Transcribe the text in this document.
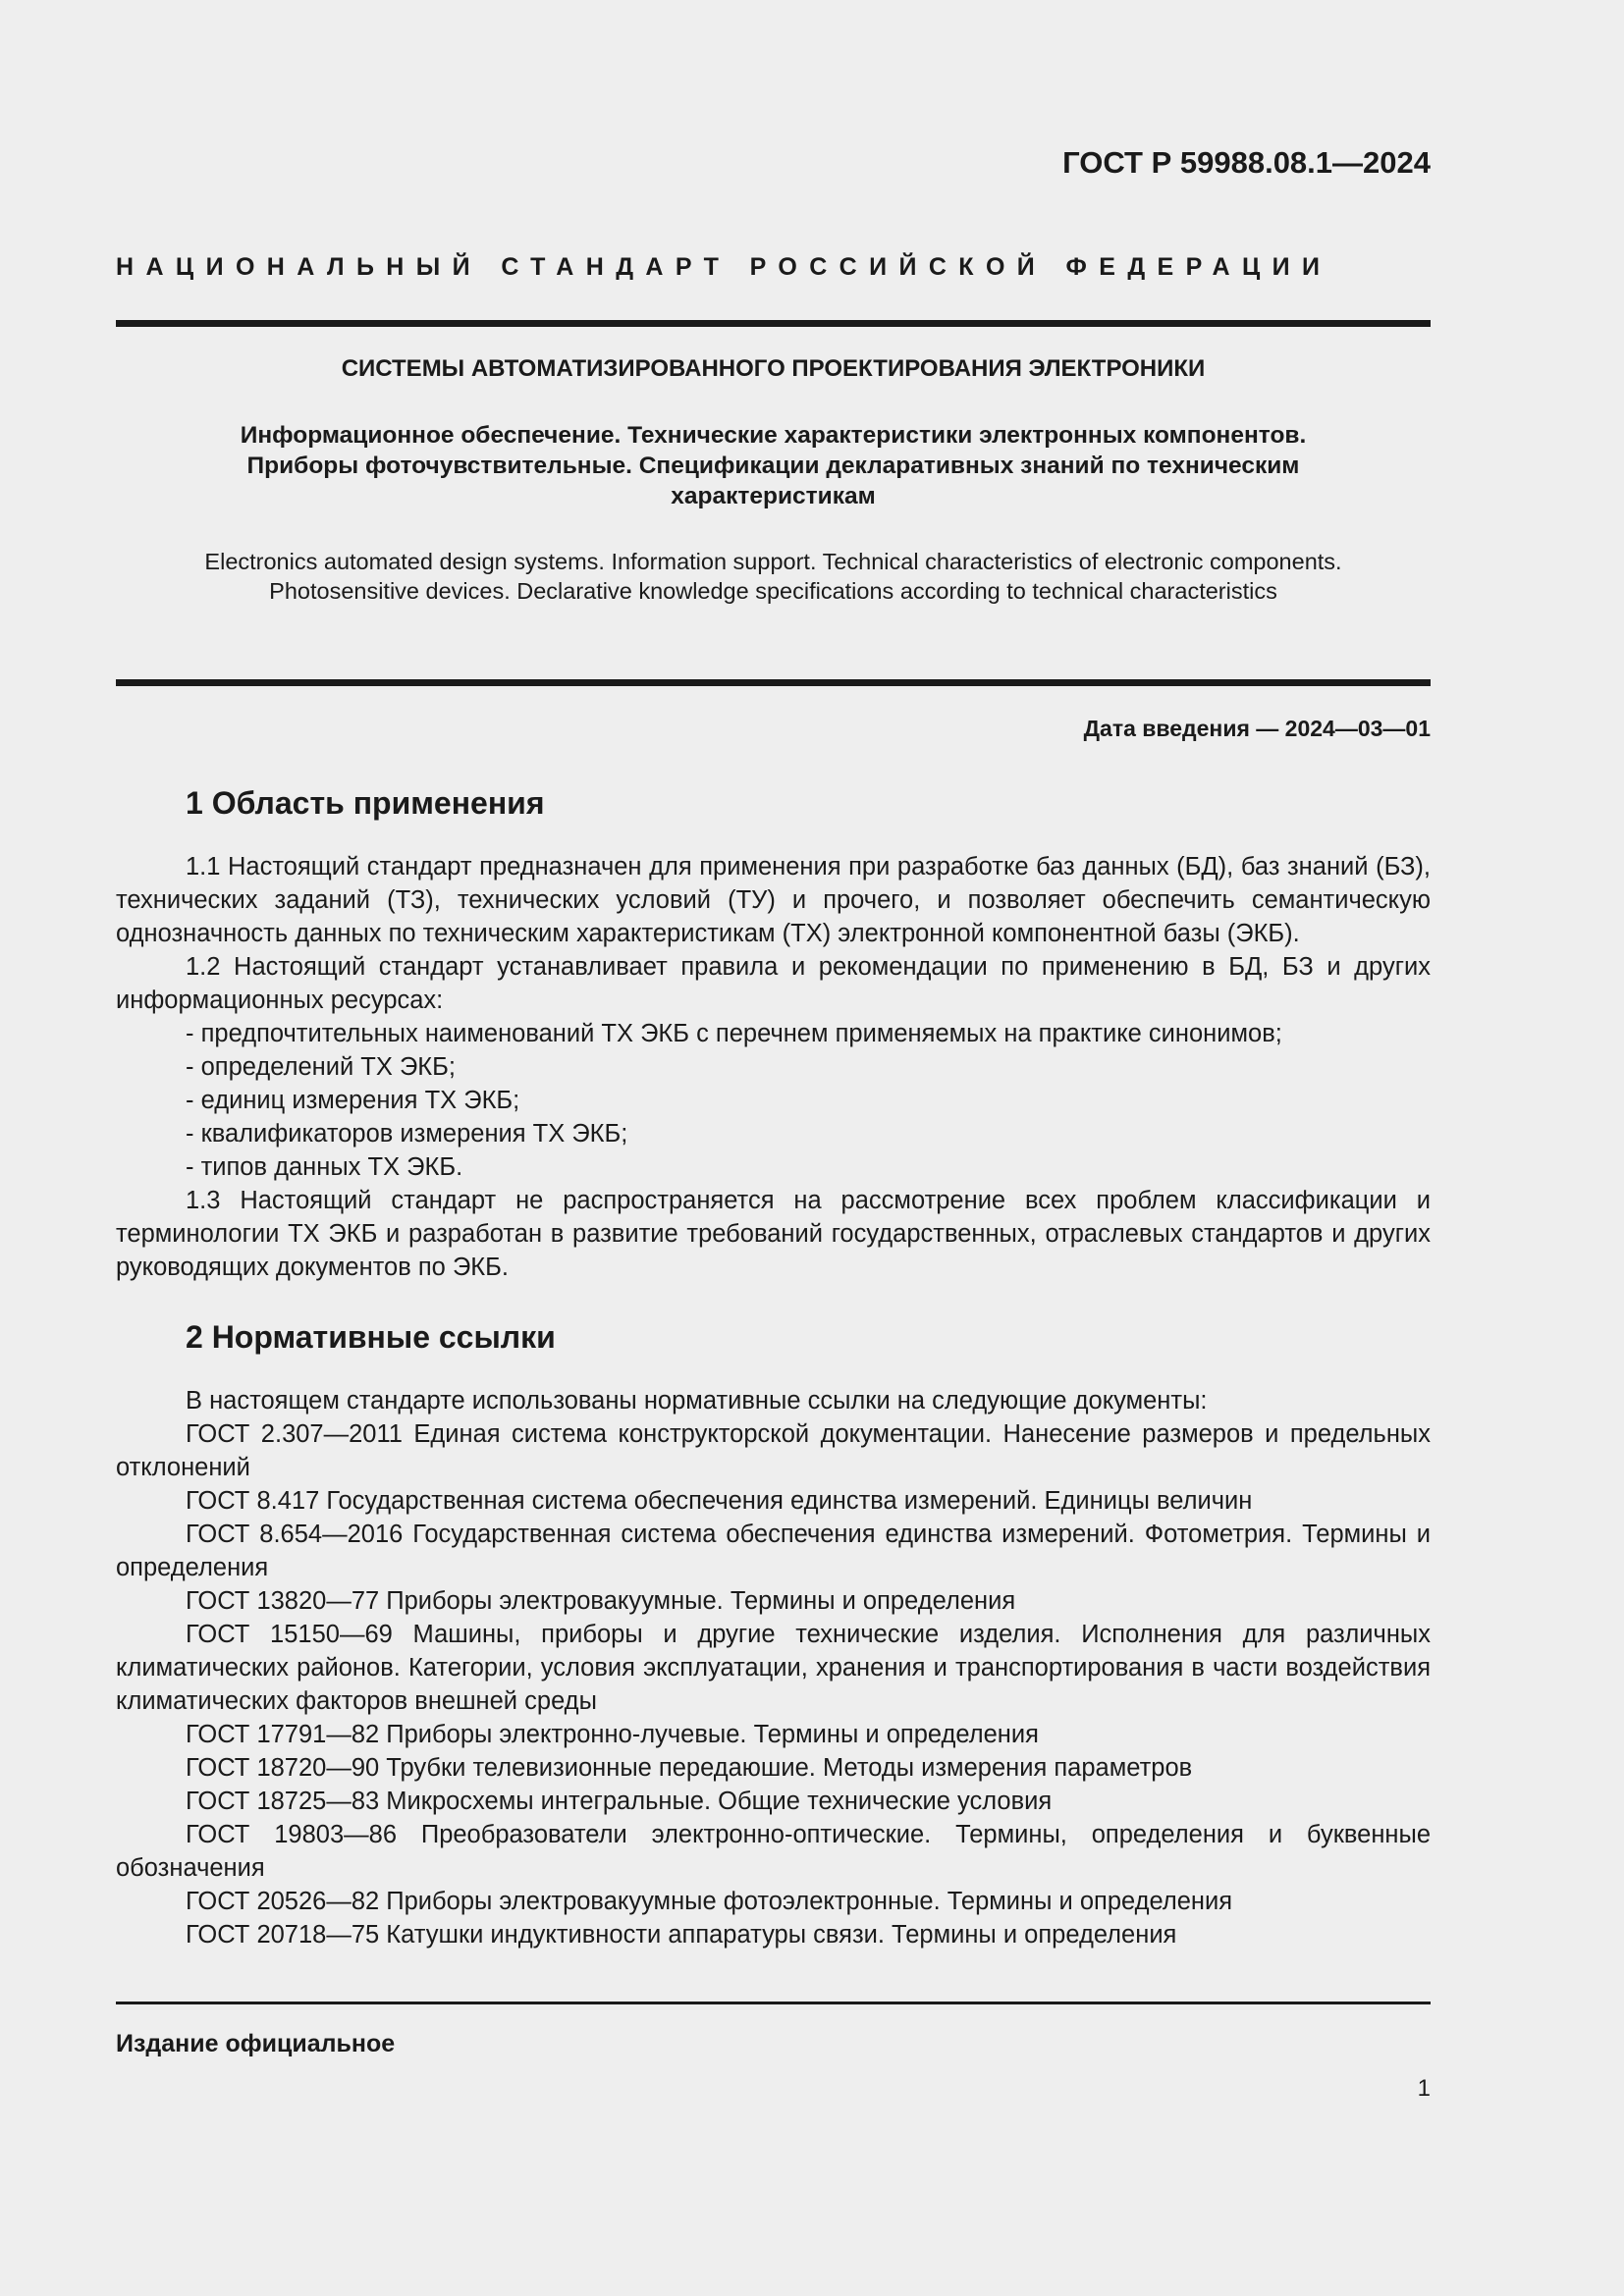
ГОСТ Р 59988.08.1—2024

НАЦИОНАЛЬНЫЙ СТАНДАРТ РОССИЙСКОЙ ФЕДЕРАЦИИ

СИСТЕМЫ АВТОМАТИЗИРОВАННОГО ПРОЕКТИРОВАНИЯ ЭЛЕКТРОНИКИ

Информационное обеспечение. Технические характеристики электронных компонентов.
Приборы фоточувствительные. Спецификации декларативных знаний по техническим
характеристикам
Electronics automated design systems. Information support. Technical characteristics of electronic components.
Photosensitive devices. Declarative knowledge specifications according to technical characteristics

Дата введения — 2024—03—01

1 Область применения

1.1 Настоящий стандарт предназначен для применения при разработке баз данных (БД), баз знаний (БЗ), технических заданий (ТЗ), технических условий (ТУ) и прочего, и позволяет обеспечить семантическую однозначность данных по техническим характеристикам (ТХ) электронной компонентной базы (ЭКБ).

1.2 Настоящий стандарт устанавливает правила и рекомендации по применению в БД, БЗ и других информационных ресурсах:

- предпочтительных наименований ТХ ЭКБ с перечнем применяемых на практике синонимов;
- определений ТХ ЭКБ;
- единиц измерения ТХ ЭКБ;
- квалификаторов измерения ТХ ЭКБ;
- типов данных ТХ ЭКБ.

1.3 Настоящий стандарт не распространяется на рассмотрение всех проблем классификации и терминологии ТХ ЭКБ и разработан в развитие требований государственных, отраслевых стандартов и других руководящих документов по ЭКБ.

2 Нормативные ссылки

В настоящем стандарте использованы нормативные ссылки на следующие документы:

ГОСТ 2.307—2011 Единая система конструкторской документации. Нанесение размеров и предельных отклонений

ГОСТ 8.417 Государственная система обеспечения единства измерений. Единицы величин

ГОСТ 8.654—2016 Государственная система обеспечения единства измерений. Фотометрия. Термины и определения

ГОСТ 13820—77 Приборы электровакуумные. Термины и определения

ГОСТ 15150—69 Машины, приборы и другие технические изделия. Исполнения для различных климатических районов. Категории, условия эксплуатации, хранения и транспортирования в части воздействия климатических факторов внешней среды

ГОСТ 17791—82 Приборы электронно-лучевые. Термины и определения

ГОСТ 18720—90 Трубки телевизионные передаюшие. Методы измерения параметров

ГОСТ 18725—83 Микросхемы интегральные. Общие технические условия

ГОСТ 19803—86 Преобразователи электронно-оптические. Термины, определения и буквенные обозначения

ГОСТ 20526—82 Приборы электровакуумные фотоэлектронные. Термины и определения

ГОСТ 20718—75 Катушки индуктивности аппаратуры связи. Термины и определения

Издание официальное

1
